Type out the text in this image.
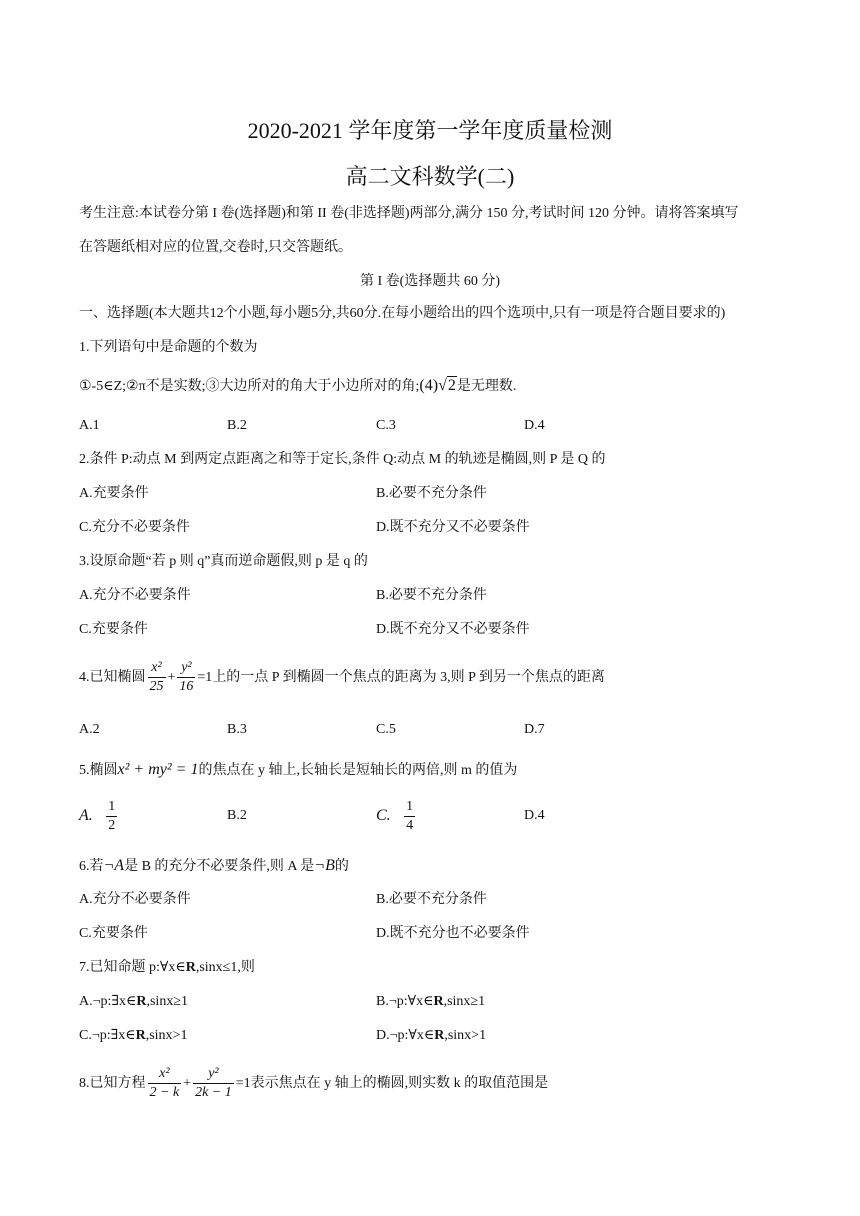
2020-2021 学年度第一学年度质量检测
高二文科数学(二)
考生注意:本试卷分第 I 卷(选择题)和第 II 卷(非选择题)两部分,满分 150 分,考试时间 120 分钟。请将答案填写
在答题纸相对应的位置,交卷时,只交答题纸。
第 I 卷(选择题共 60 分)
一、选择题(本大题共12个小题,每小题5分,共60分.在每小题给出的四个选项中,只有一项是符合题目要求的)
1.下列语句中是命题的个数为
①-5∈Z;②π不是实数;③大边所对的角大于小边所对的角;(4)√2是无理数.
A.1	B.2	C.3	D.4
2.条件 P:动点 M 到两定点距离之和等于定长,条件 Q:动点 M 的轨迹是椭圆,则 P 是 Q 的
A.充要条件	B.必要不充分条件
C.充分不必要条件	D.既不充分又不必要条件
3.设原命题“若 p 则 q”真而逆命题假,则 p 是 q 的
A.充分不必要条件	B.必要不充分条件
C.充要条件	D.既不充分又不必要条件
4.已知椭圆 $\frac{\text{x²}}{25} + \frac{\text{y²}}{16} =1$上的一点 P 到椭圆一个焦点的距离为 3,则 P 到另一个焦点的距离
A.2	B.3	C.5	D.7
5.椭圆x² + my² = 1的焦点在 y 轴上,长轴长是短轴长的两倍,则 m 的值为
A. $\frac{1}{2}$	B.2	C. $\frac{1}{4}$	D.4
6.若¬A是 B 的充分不必要条件,则 A 是¬B的
A.充分不必要条件	B.必要不充分条件
C.充要条件	D.既不充分也不必要条件
7.已知命题 p:∀x∈R,sinx≤1,则
A.¬p:∃x∈R,sinx≥1	B.¬p:∀x∈R,sinx≥1
C.¬p:∃x∈R,sinx>1	D.¬p:∀x∈R,sinx>1
8.已知方程 $\frac{\text{x²}}{2 - k} + \frac{\text{y²}}{2k - 1} =1$表示焦点在 y 轴上的椭圆,则实数 k 的取值范围是
